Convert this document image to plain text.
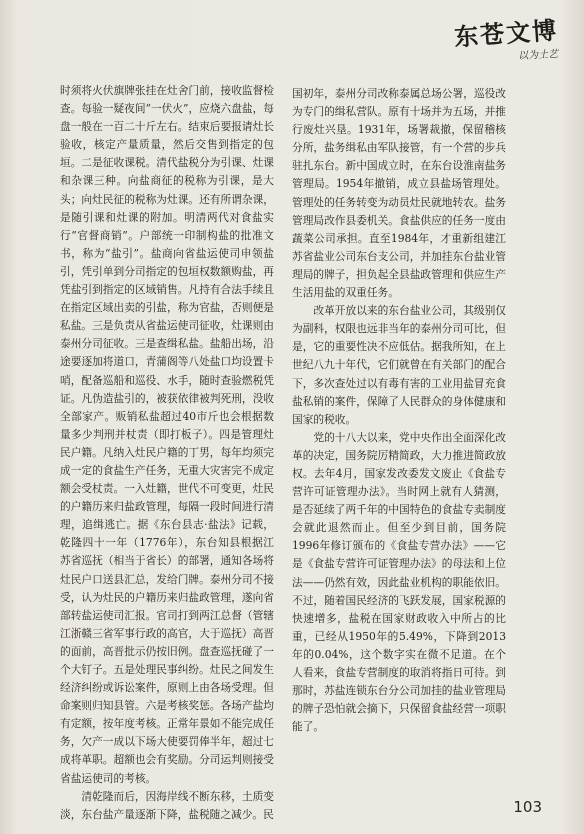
东苍文博
以为土艺

时须将火伏旗牌张挂在灶舍门前，接收监督检查。每验一疑夜间“一伏火”，应烧六盘盐，每盘一般在一百二十斤左右。结束后要报请灶长验收，核定产量质量，然后交售到指定的包垣。二是征收课税。清代盐税分为引课、灶课和杂课三种。向盐商征的税称为引课，是大头；向灶民征的税称为灶课。还有所谓杂课，是随引课和灶课的附加。明清两代对食盐实行“官督商销”。户部统一印制构盐的批准文书，称为“盐引”。盐商向省盐运使司申领盐引，凭引单到分司指定的包垣权数额购盐，再凭盐引到指定的区域销售。凡持有合法手续且在指定区域出卖的引盐，称为官盐，否则便是私盐。三是负责从省盐运使司征收，灶课则由泰州分司征收。三是查缉私盐。盐船出场，沿途要逐加将道口，青蒲阁等八处盐口均设置卡哨，配备巡船和巡役、水手，随时查验燃税凭证。凡伪造盐引的，被获依律被判死刑，没收全部家产。贩销私盐超过40市斤也会根据数量多少判刑并杖责（即打板子）。四是管理灶民户籍。凡纳入灶民户籍的丁男，每年均须完成一定的食盐生产任务，无重大灾害完不成定额会受杖责。一入灶籍，世代不可变更，灶民的户籍历来归盐政管理，每隔一段时间进行清理，追缉逃亡。据《东台县志·盐法》记载，乾隆四十一年（1776年），东台知县根据江苏省巡抚（相当于省长）的部署，通知各场将灶民户口送县汇总，发给门牌。泰州分司不接受，认为灶民的户籍历来归盐政管理，遂向省部转盐运使司汇报。官司打到两江总督（管辖江浙赣三省军事行政的高官，大于巡抚）高晋的面前，高晋批示仍按旧例。盘查巡抚碰了一个大钉子。五是处理民事纠纷。灶民之间发生经济纠纷或诉讼案件，原则上由各场受理。但命案则归知县管。六是考核奖惩。各场产盐均有定额，按年度考核。正常年景如不能完成任务，欠产一成以下场大使要罚俸半年，超过七成将革职。超额也会有奖励。分司运判则接受省盐运使司的考核。

清乾隆而后，因海岸线不断东移，土质变淡，东台盐产量逐渐下降，盐税随之减少。民

国初年，泰州分司改称泰属总场公署，巡役改为专门的缉私营队。原有十场并为五场，并推行废灶兴垦。1931年，场署裁撤，保留稽核分所，盐务缉私由军队接管，有一个营的步兵驻扎东台。新中国成立时，在东台设淮南盐务管理局。1954年撤销，成立县盐场管理处。管理处的任务转变为动员灶民就地转农。盐务管理局改作县委机关。食盐供应的任务一度由蔬菜公司承担。直至1984年，才重新组建江苏省盐业公司东台支公司，并加挂东台盐业管理局的牌子，担负起全县盐政管理和供应生产生活用盐的双重任务。

改革开放以来的东台盐业公司，其级别仅为副科，权限也远非当年的泰州分司可比，但是，它的重要性决不应低估。据我所知，在上世纪八九十年代，它们就曾在有关部门的配合下，多次查处过以有毒有害的工业用盐冒充食盐私销的案件，保障了人民群众的身体健康和国家的税收。

党的十八大以来，党中央作出全面深化改革的决定，国务院厉精简政，大力推进简政放权。去年4月，国家发改委发文废止《食盐专营许可证管理办法》。当时网上就有人猜测，是否延续了两千年的中国特色的食盐专卖制度会就此退然而止。但至少到目前，国务院1996年修订颁布的《食盐专营办法》——它是《食盐专营许可证管理办法》的母法和上位法——仍然有效，因此盐业机构的职能依旧。不过，随着国民经济的飞跃发展，国家税源的快速增多，盐税在国家财政收入中所占的比重，已经从1950年的5.49%，下降到2013年的0.04%，这个数字实在微不足道。在个人看来，食盐专营制度的取消将指日可待。到那时，苏盐连锁东台分公司加挂的盐业管理局的牌子恐怕就会摘下，只保留食盐经营一项职能了。

103
